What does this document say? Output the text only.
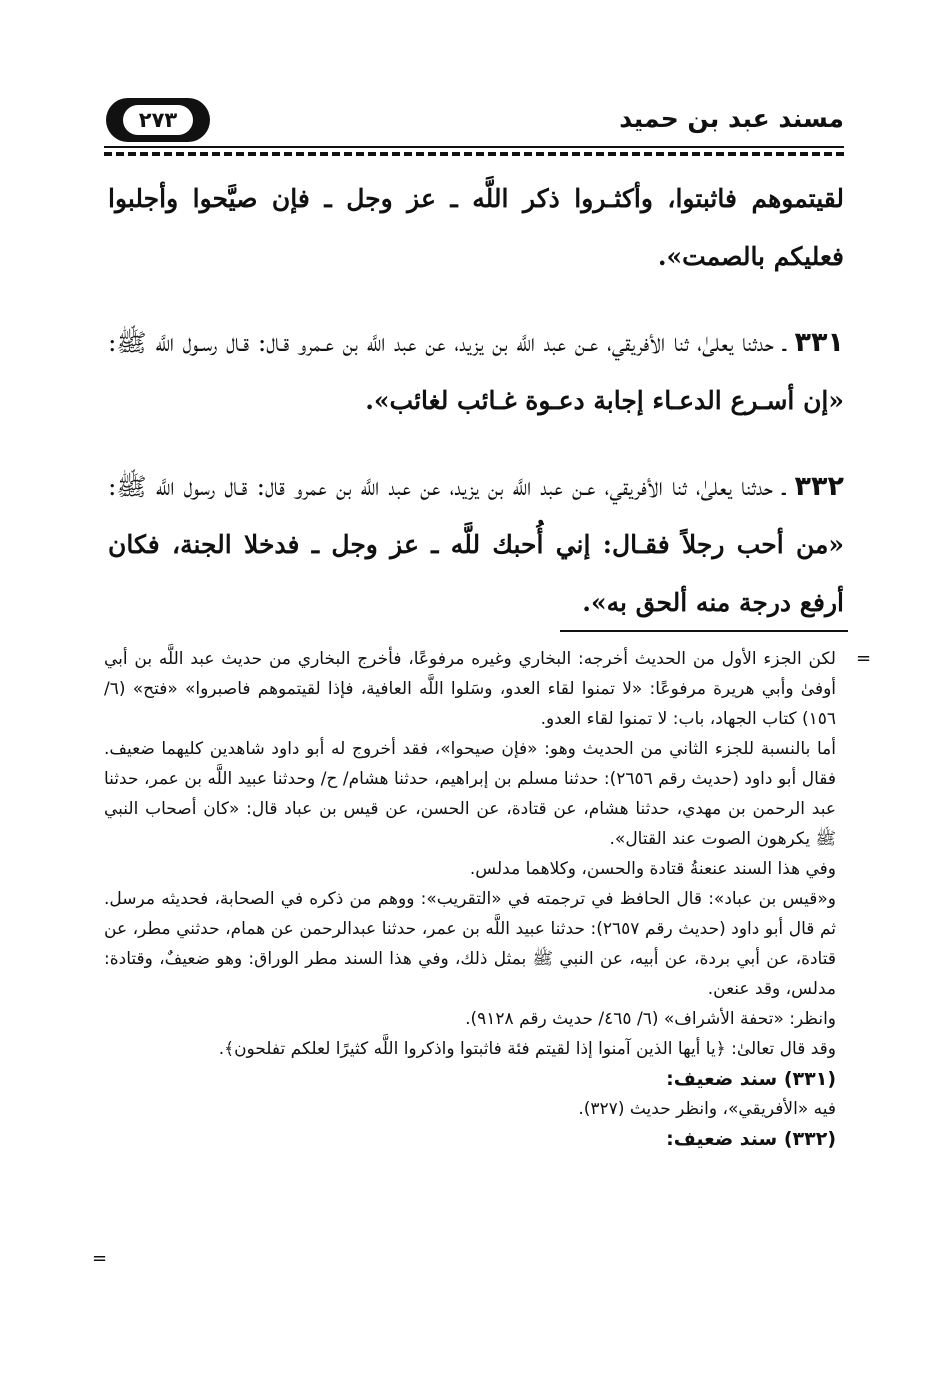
مسند عبد بن حميد
٢٧٣

لقيتموهم فاثبتوا، وأكثـروا ذكر اللَّه ـ عز وجل ـ فإن صيَّحوا وأجلبوا فعليكم بالصمت».

٣٣١ ـ حدثنا يعلىٰ، ثنا الأفريقي، عـن عبد اللَّه بن يزيد، عن عبد اللَّه بن عـمرو قـال: قـال رسـول اللَّه ﷺ: «إن أسـرع الدعـاء إجابة دعـوة غـائب لغائب».

٣٣٢ ـ حدثنا يعلىٰ، ثنا الأفريقي، عـن عبد اللَّه بن يزيد، عن عبد اللَّه بن عمرو قال: قـال رسول اللَّه ﷺ: «من أحب رجلاً فقـال: إني أُحبك للَّه ـ عز وجل ـ فدخلا الجنة، فكان أرفع درجة منه ألحق به».

=

لكن الجزء الأول من الحديث أخرجه: البخاري وغيره مرفوعًا، فأخرج البخاري من حديث عبد اللَّه بن أبي أوفىٰ وأبي هريرة مرفوعًا: «لا تمنوا لقاء العدو، وسَلوا اللَّه العافية، فإذا لقيتموهم فاصبروا» «فتح» (٦/ ١٥٦) كتاب الجهاد، باب: لا تمنوا لقاء العدو.

أما بالنسبة للجزء الثاني من الحديث وهو: «فإن صيحوا»، فقد أخروج له أبو داود شاهدين كليهما ضعيف. فقال أبو داود (حديث رقم ٢٦٥٦): حدثنا مسلم بن إبراهيم، حدثنا هشام/ ح/ وحدثنا عبيد اللَّه بن عمر، حدثنا عبد الرحمن بن مهدي، حدثنا هشام، عن قتادة، عن الحسن، عن قيس بن عباد قال: «كان أصحاب النبي ﷺ يكرهون الصوت عند القتال».

وفي هذا السند عنعنةُ قتادة والحسن، وكلاهما مدلس.

و«قيس بن عباد»: قال الحافظ في ترجمته في «التقريب»: ووهم من ذكره في الصحابة، فحديثه مرسل. ثم قال أبو داود (حديث رقم ٢٦٥٧): حدثنا عبيد اللَّه بن عمر، حدثنا عبدالرحمن عن همام، حدثني مطر، عن قتادة، عن أبي بردة، عن أبيه، عن النبي ﷺ بمثل ذلك، وفي هذا السند مطر الوراق: وهو ضعيفٌ، وقتادة: مدلس، وقد عنعن.

وانظر: «تحفة الأشراف» (٦/ ٤٦٥/ حديث رقم ٩١٢٨).

وقد قال تعالىٰ: ﴿يا أيها الذين آمنوا إذا لقيتم فئة فاثبتوا واذكروا اللَّه كثيرًا لعلكم تفلحون﴾.

(٣٣١) سند ضعيف:

فيه «الأفريقي»، وانظر حديث (٣٢٧).

(٣٣٢) سند ضعيف:

=
